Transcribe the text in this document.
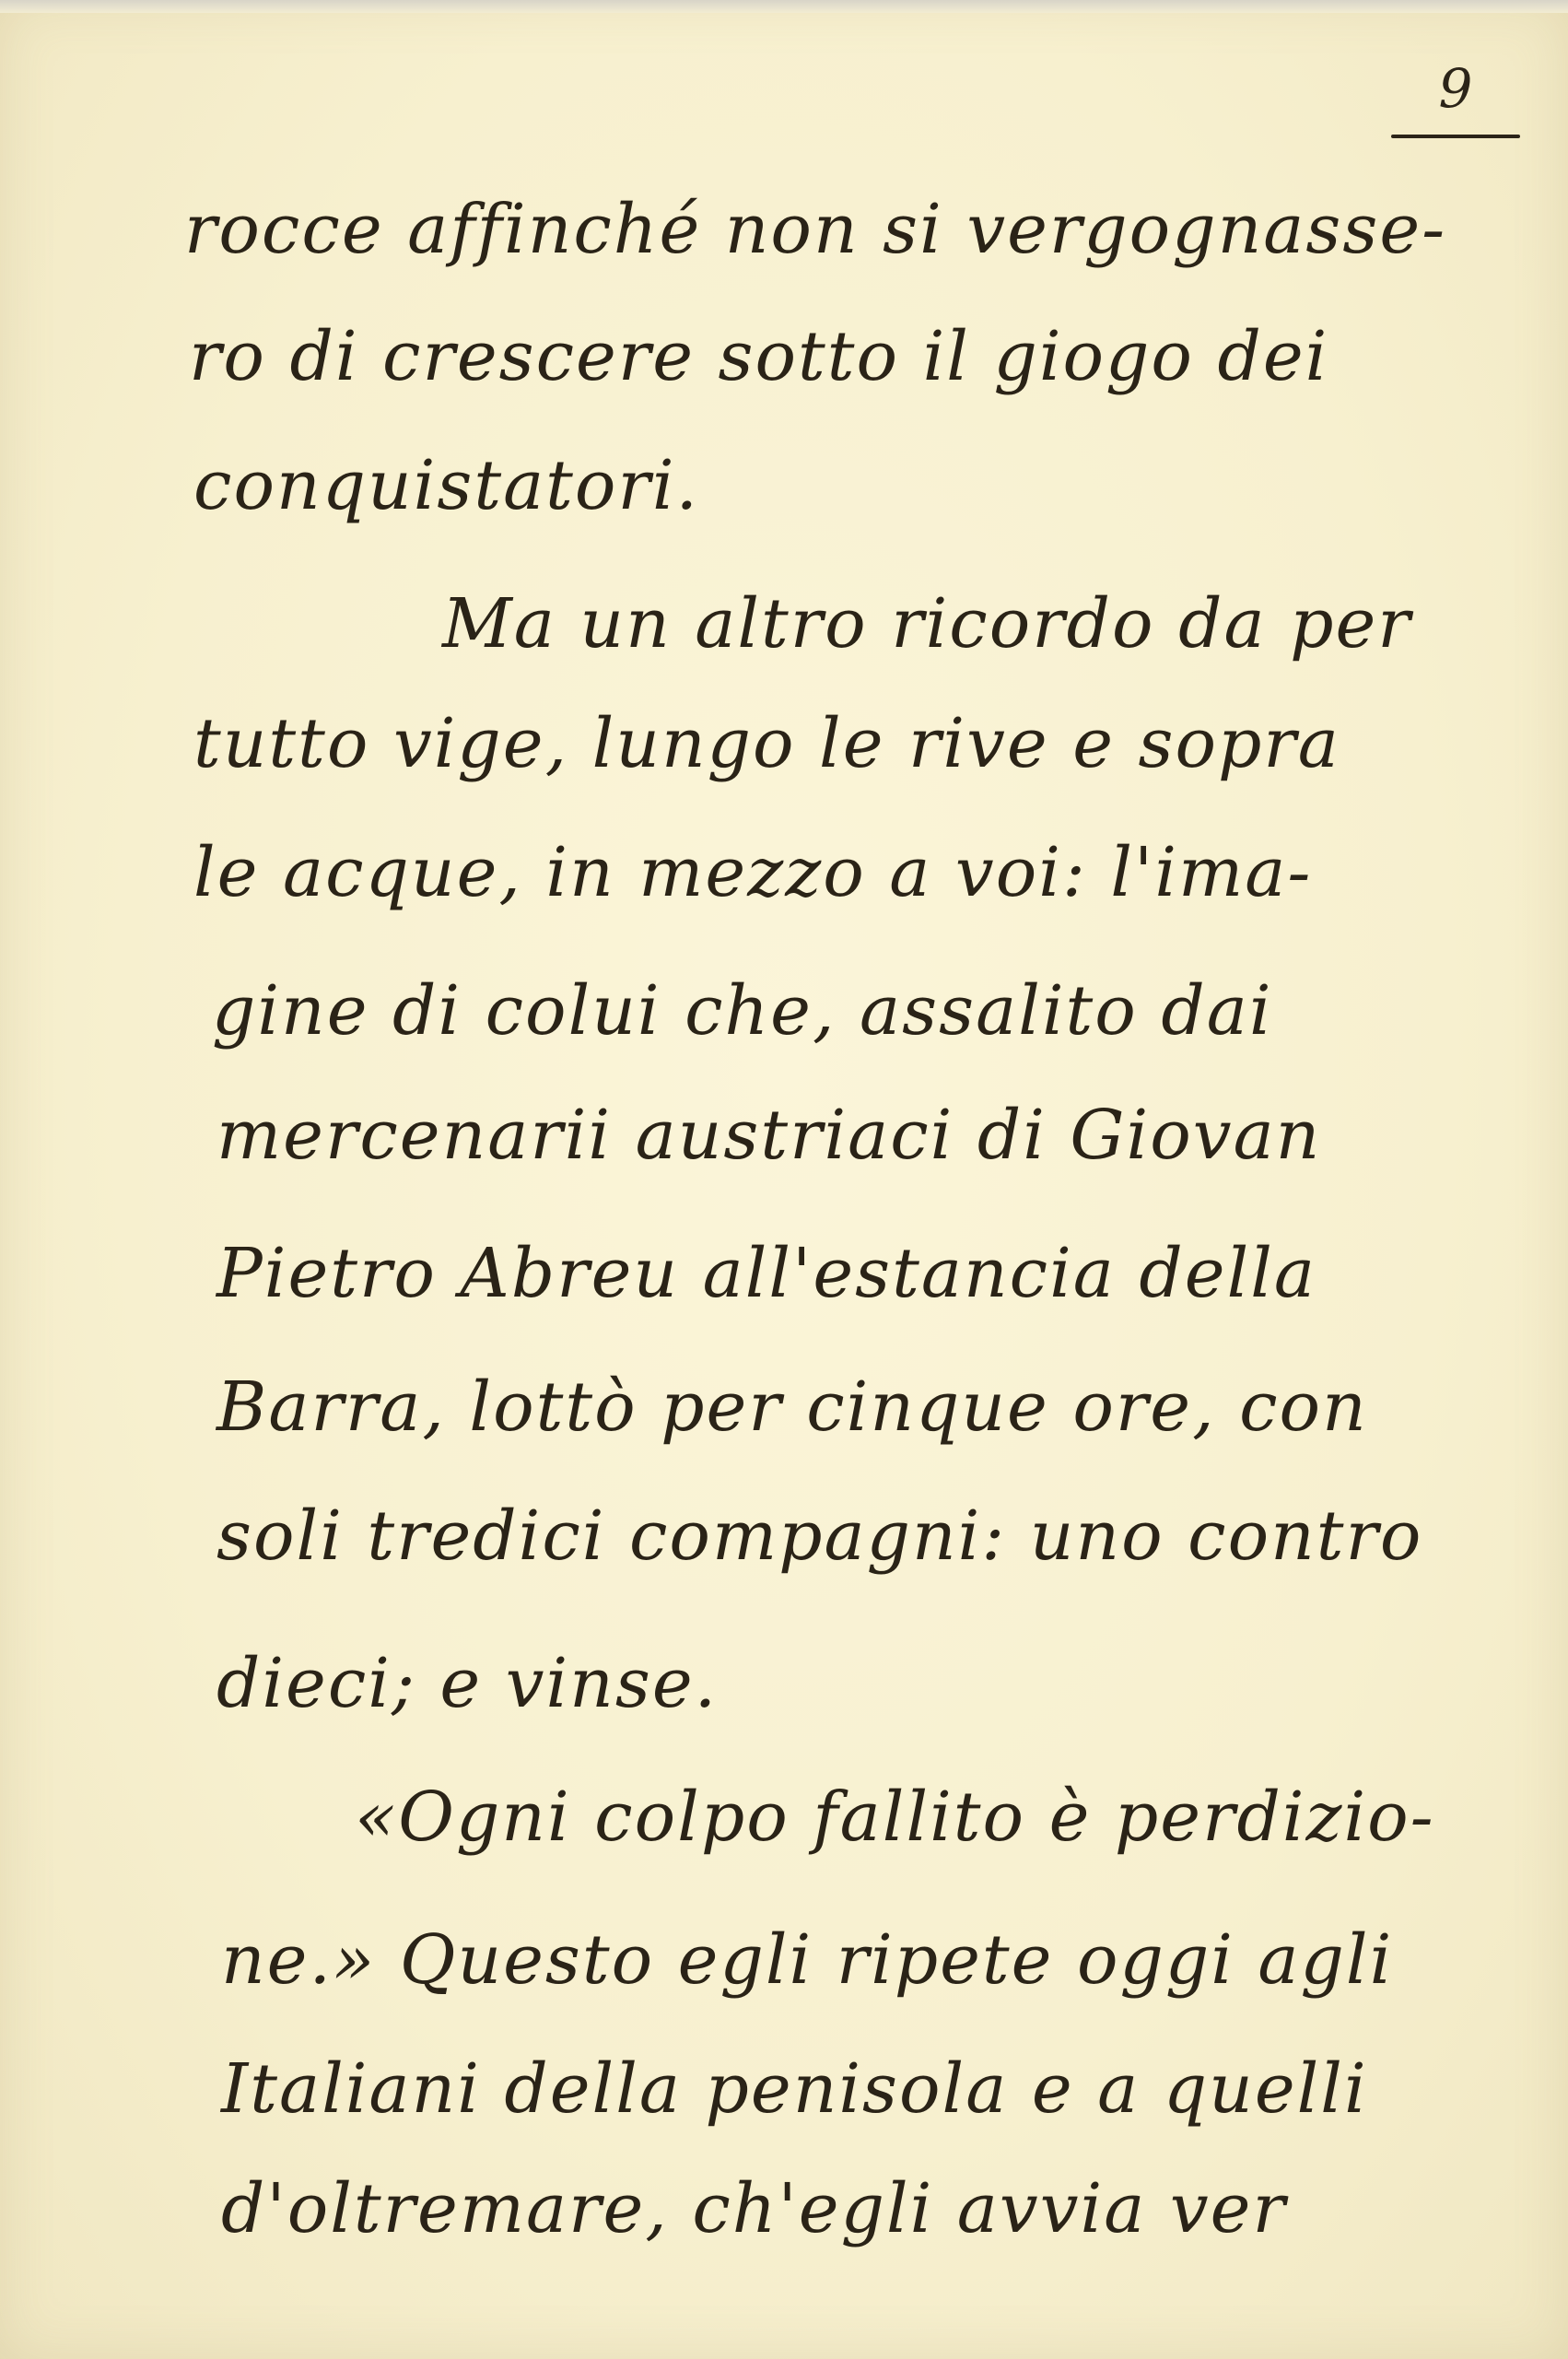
9
rocce affinché non si vergognasse-
ro di crescere sotto il giogo dei
conquistatori.
Ma un altro ricordo da per
tutto vige, lungo le rive e sopra
le acque, in mezzo a voi: l'ima-
gine di colui che, assalito dai
mercenarii austriaci di Giovan
Pietro Abreu all'estancia della
Barra, lottò per cinque ore, con
soli tredici compagni: uno contro
dieci; e vinse.
«Ogni colpo fallito è perdizio-
ne.» Questo egli ripete oggi agli
Italiani della penisola e a quelli
d'oltremare, ch'egli avvia ver
